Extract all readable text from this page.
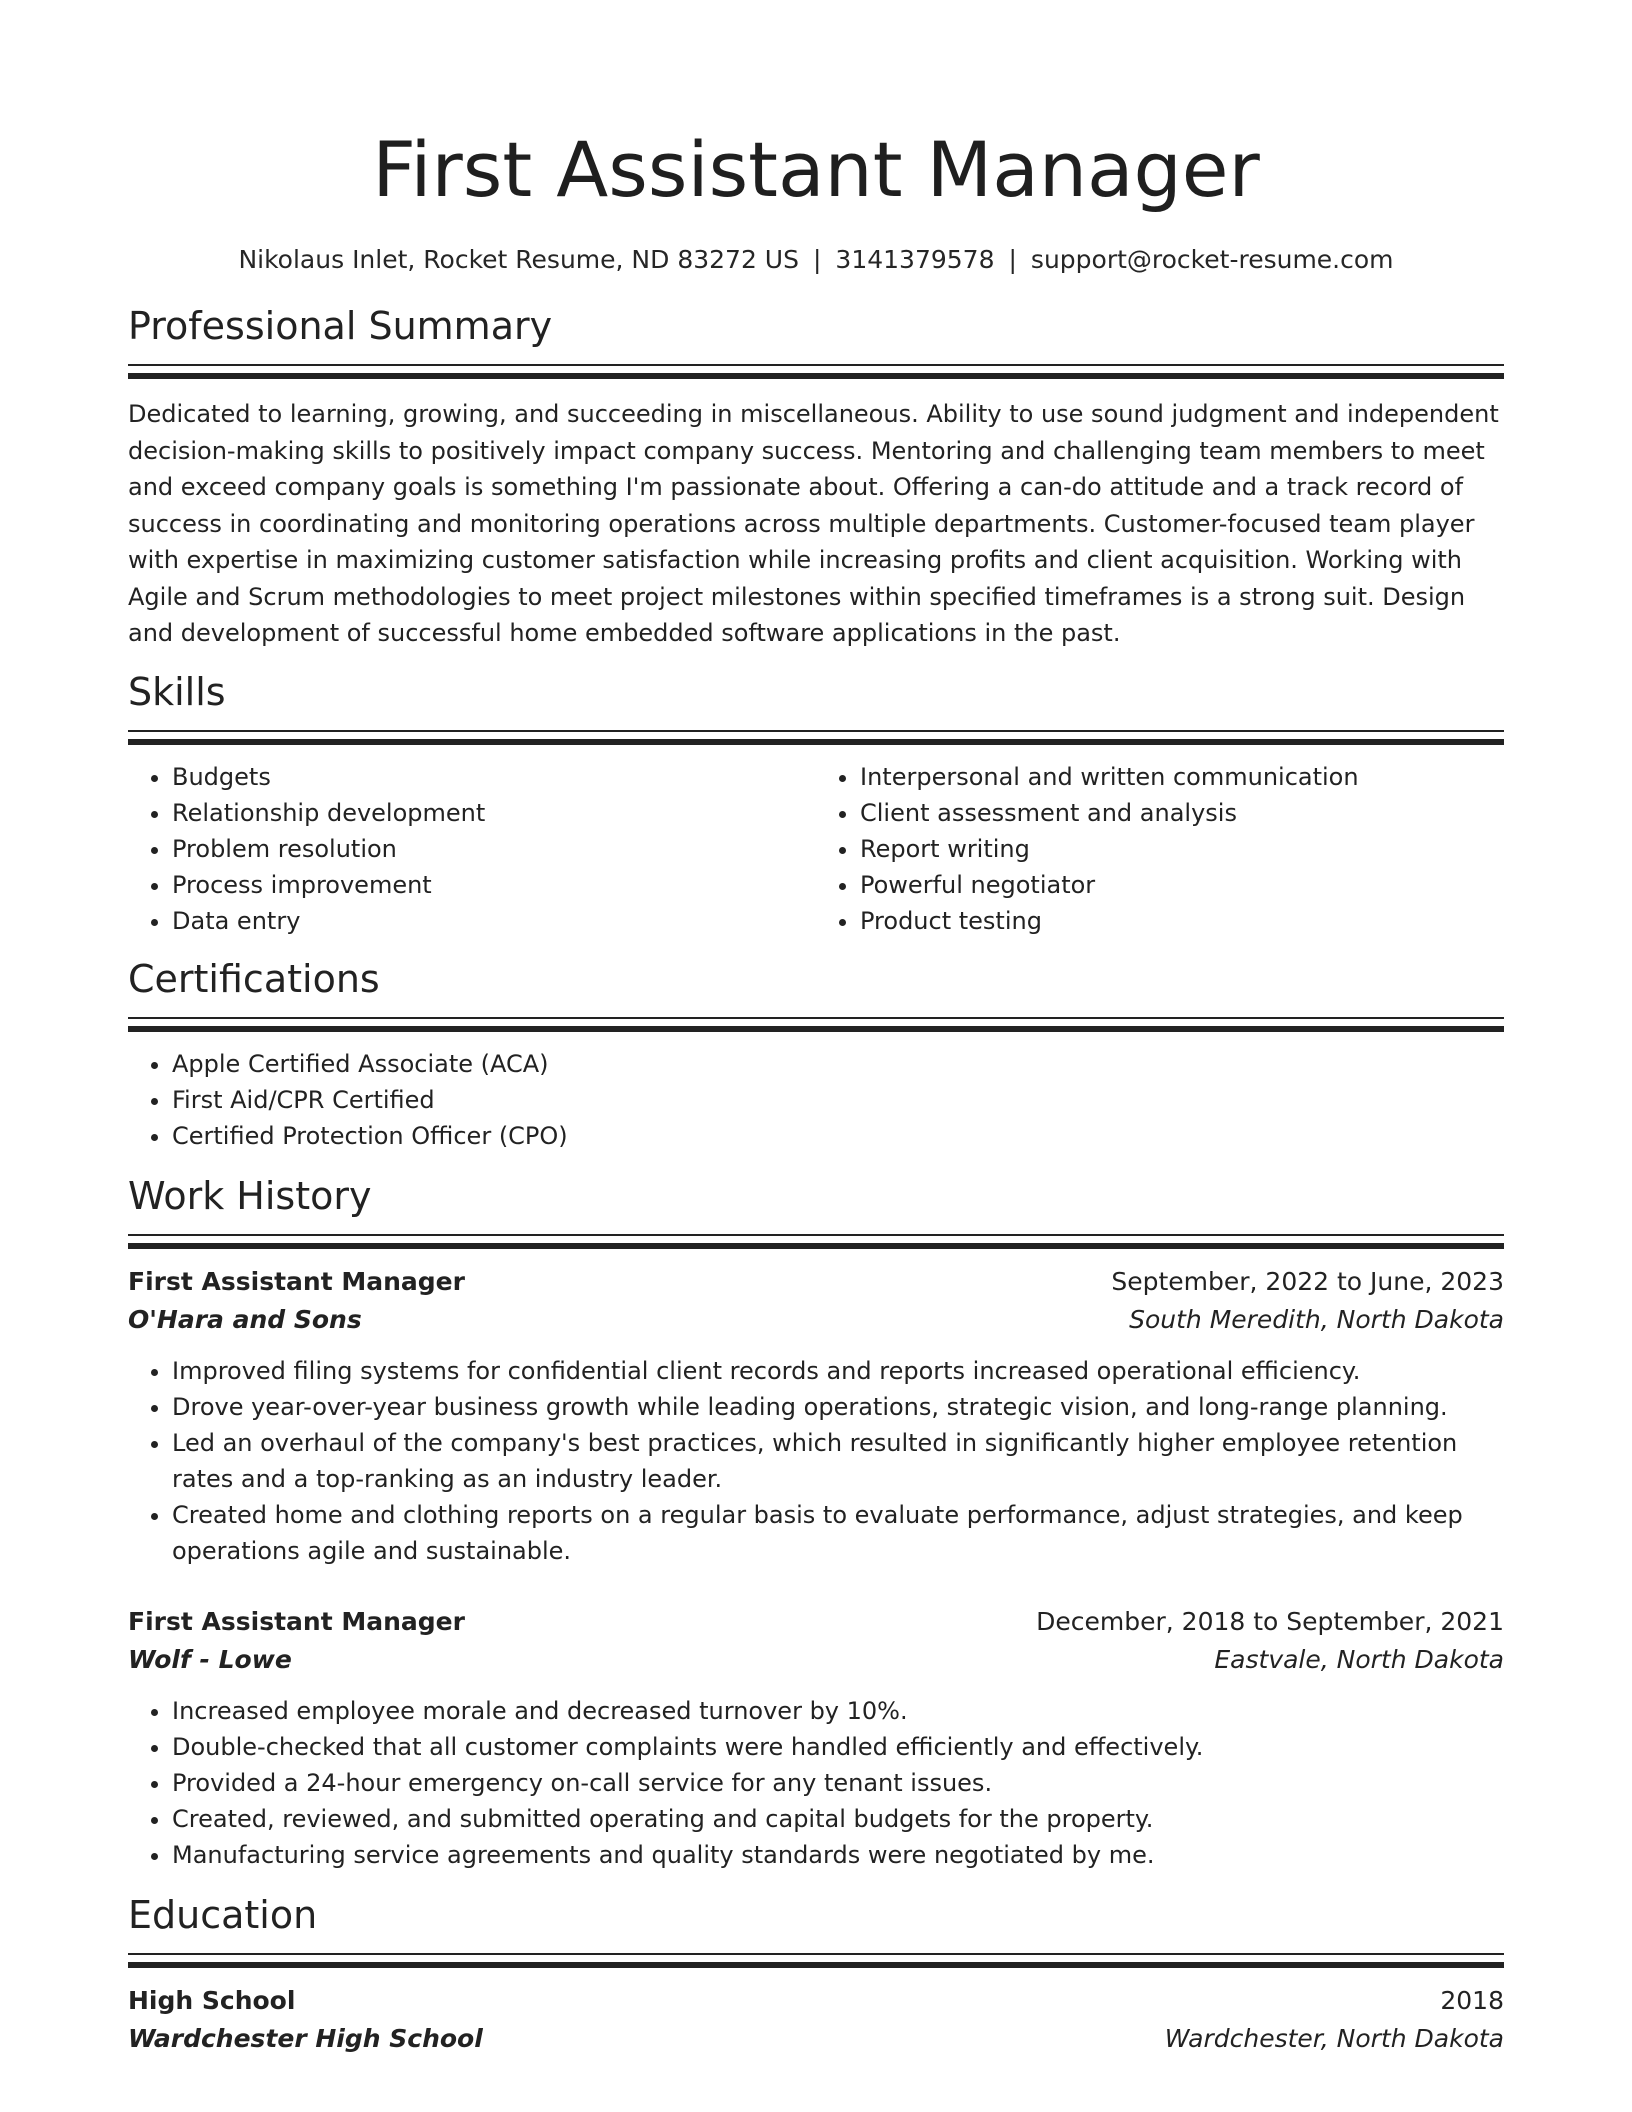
First Assistant Manager
Nikolaus Inlet, Rocket Resume, ND 83272 US | 3141379578 | support@rocket-resume.com
Professional Summary

Dedicated to learning, growing, and succeeding in miscellaneous. Ability to use sound judgment and independent decision-making skills to positively impact company success. Mentoring and challenging team members to meet and exceed company goals is something I'm passionate about. Offering a can-do attitude and a track record of success in coordinating and monitoring operations across multiple departments. Customer-focused team player with expertise in maximizing customer satisfaction while increasing profits and client acquisition. Working with Agile and Scrum methodologies to meet project milestones within specified timeframes is a strong suit. Design and development of successful home embedded software applications in the past.

Skills
• Budgets
• Relationship development
• Problem resolution
• Process improvement
• Data entry
• Interpersonal and written communication
• Client assessment and analysis
• Report writing
• Powerful negotiator
• Product testing
Certifications
• Apple Certified Associate (ACA)
• First Aid/CPR Certified
• Certified Protection Officer (CPO)
Work History
First Assistant Manager	September, 2022 to June, 2023
O'Hara and Sons	South Meredith, North Dakota
• Improved filing systems for confidential client records and reports increased operational efficiency.
• Drove year-over-year business growth while leading operations, strategic vision, and long-range planning.
• Led an overhaul of the company's best practices, which resulted in significantly higher employee retention rates and a top-ranking as an industry leader.
• Created home and clothing reports on a regular basis to evaluate performance, adjust strategies, and keep operations agile and sustainable.
First Assistant Manager	December, 2018 to September, 2021
Wolf - Lowe	Eastvale, North Dakota
• Increased employee morale and decreased turnover by 10%.
• Double-checked that all customer complaints were handled efficiently and effectively.
• Provided a 24-hour emergency on-call service for any tenant issues.
• Created, reviewed, and submitted operating and capital budgets for the property.
• Manufacturing service agreements and quality standards were negotiated by me.
Education
High School	2018
Wardchester High School	Wardchester, North Dakota
